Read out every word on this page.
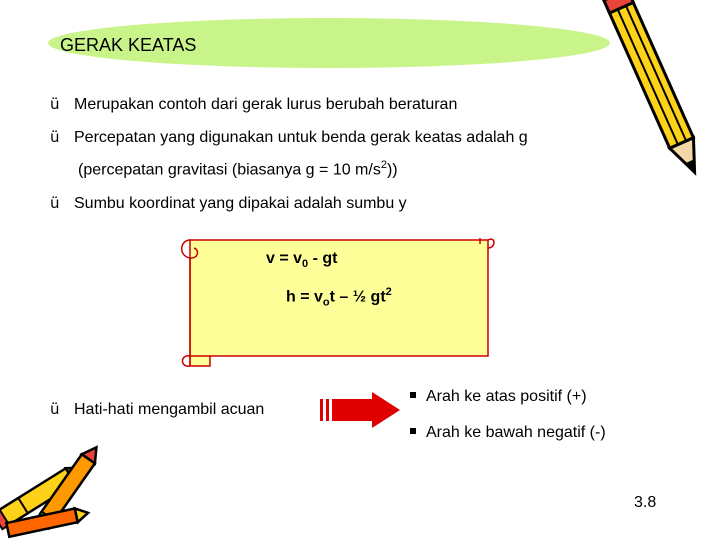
GERAK KEATAS
ü Merupakan contoh dari gerak lurus berubah beraturan
ü Percepatan yang digunakan untuk benda gerak keatas adalah g
(percepatan gravitasi (biasanya g = 10 $m/s^2$))
ü Sumbu koordinat yang dipakai adalah sumbu y
$v = v_0$ - gt
$h = v_ot$ – ½ $gt^2$
ü Hati-hati mengambil acuan
Arah ke atas positif (+)
Arah ke bawah negatif (-)
3.8
